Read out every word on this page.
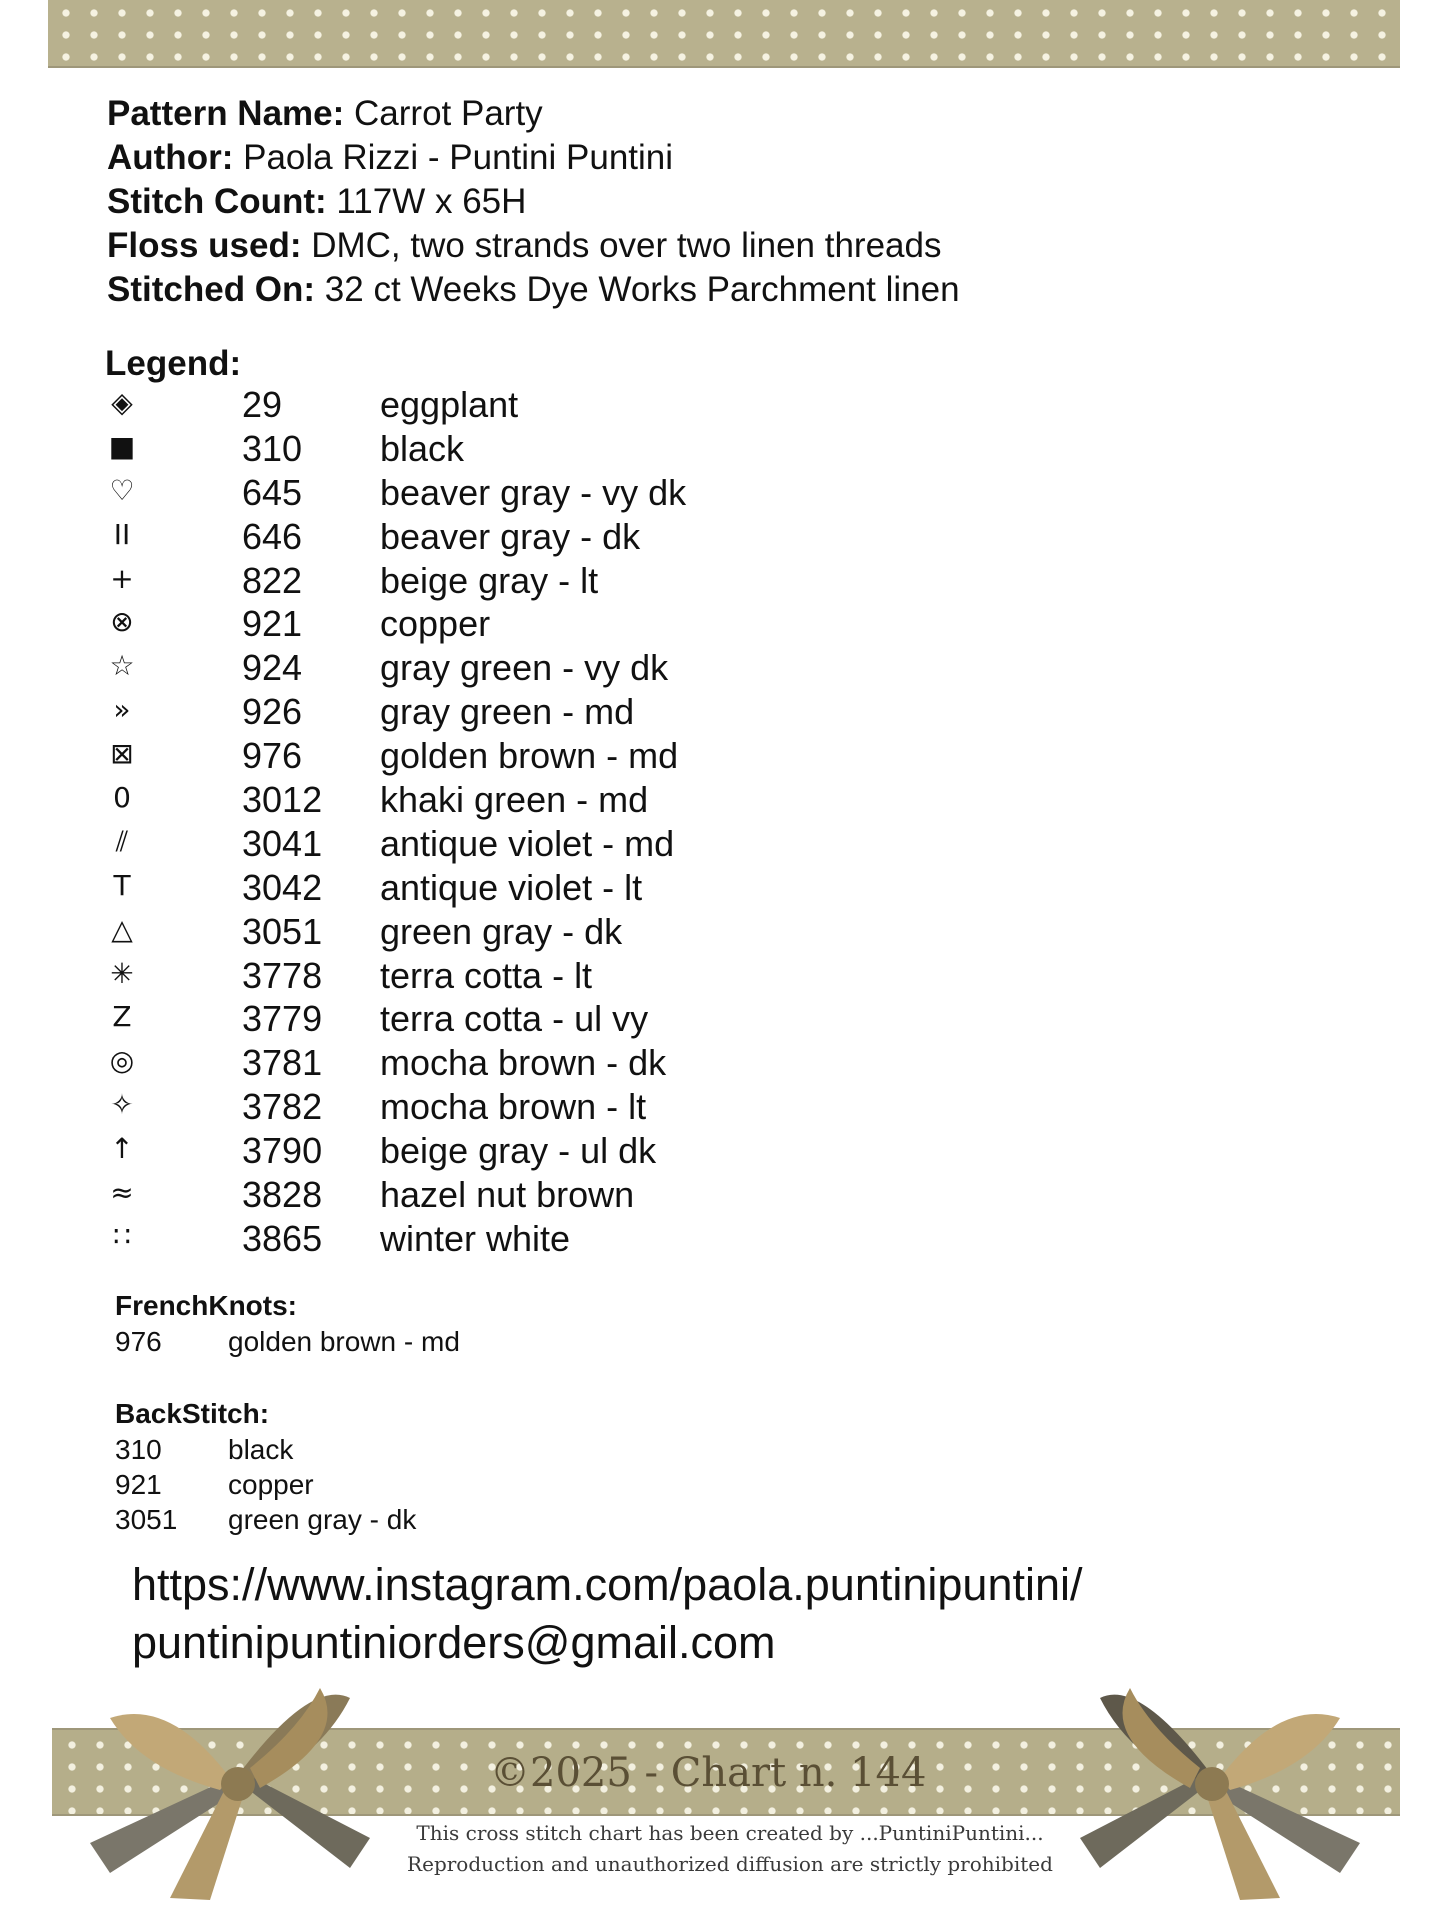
Pattern Name: Carrot Party
Author: Paola Rizzi - Puntini Puntini
Stitch Count: 117W x 65H
Floss used: DMC, two strands over two linen threads
Stitched On: 32 ct Weeks Dye Works Parchment linen
Legend:
◈	29	eggplant
■	310 black
♡	645 beaver gray - vy dk
II	646 beaver gray - dk
+	822 beige gray - lt
⊗	921 copper
☆	924 gray green - vy dk
»	926 gray green - md
⊠	976 golden brown - md
0	3012 khaki green - md
⫽	3041 antique violet - md
T	3042 antique violet - lt
△	3051 green gray - dk
✳	3778 terra cotta - lt
Z	3779 terra cotta - ul vy
◎	3781 mocha brown - dk
✧	3782 mocha brown - lt
↑	3790 beige gray - ul dk
≈	3828 hazel nut brown
∷	3865 winter white
FrenchKnots:
976 golden brown - md
BackStitch:
310 black
921 copper
3051 green gray - dk
https://www.instagram.com/paola.puntinipuntini/
puntinipuntiniorders@gmail.com
©2025 - Chart n. 144
This cross stitch chart has been created by ...PuntiniPuntini...
Reproduction and unauthorized diffusion are strictly prohibited
